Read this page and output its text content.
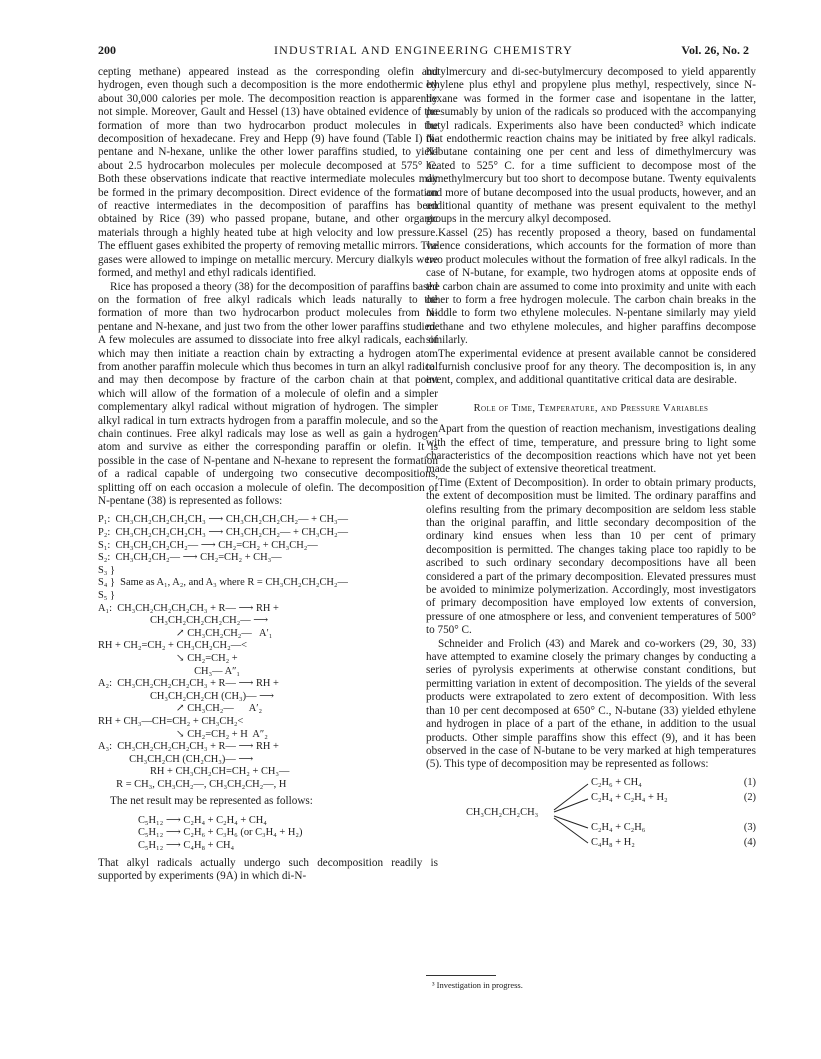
200	INDUSTRIAL AND ENGINEERING CHEMISTRY	Vol. 26, No. 2

cepting methane) appeared instead as the corresponding olefin and hydrogen, even though such a decomposition is the more endothermic by about 30,000 calories per mole. The decomposition reaction is apparently not simple. Moreover, Gault and Hessel (13) have obtained evidence of the formation of more than two hydrocarbon product molecules in the decomposition of hexadecane. Frey and Hepp (9) have found (Table I) N-pentane and N-hexane, unlike the other lower paraffins studied, to yield about 2.5 hydrocarbon molecules per molecule decomposed at 575° C. Both these observations indicate that reactive intermediate molecules may be formed in the primary decomposition. Direct evidence of the formation of reactive intermediates in the decomposition of paraffins has been obtained by Rice (39) who passed propane, butane, and other organic materials through a highly heated tube at high velocity and low pressure. The effluent gases exhibited the property of removing metallic mirrors. The gases were allowed to impinge on metallic mercury. Mercury dialkyls were formed, and methyl and ethyl radicals identified.

Rice has proposed a theory (38) for the decomposition of paraffins based on the formation of free alkyl radicals which leads naturally to the formation of more than two hydrocarbon product molecules from N-pentane and N-hexane, and just two from the other lower paraffins studied. A few molecules are assumed to dissociate into free alkyl radicals, each of which may then initiate a reaction chain by extracting a hydrogen atom from another paraffin molecule which thus becomes in turn an alkyl radical and may then decompose by fracture of the carbon chain at that point which will allow of the formation of a molecule of olefin and a simpler complementary alkyl radical without migration of hydrogen. The simpler alkyl radical in turn extracts hydrogen from a paraffin molecule, and so the chain continues. Free alkyl radicals may lose as well as gain a hydrogen atom and survive as either the corresponding paraffin or olefin. It is possible in the case of N-pentane and N-hexane to represent the formation of a radical capable of undergoing two consecutive decompositions, splitting off on each occasion a molecule of olefin. The decomposition of N-pentane (38) is represented as follows:

P₁:  CH₃CH₂CH₂CH₂CH₃ ⟶ CH₃CH₂CH₂CH₂— + CH₃—
P₂:  CH₃CH₂CH₂CH₂CH₃ ⟶ CH₃CH₂CH₂— + CH₃CH₂—
S₁:  CH₃CH₂CH₂CH₂— ⟶ CH₂=CH₂ + CH₃CH₂—
S₂:  CH₃CH₂CH₂— ⟶ CH₂=CH₂ + CH₃—
S₃ }
S₄ }  Same as A₁, A₂, and A₃ where R = CH₃CH₂CH₂CH₂—
S₅ }
A₁:  CH₃CH₂CH₂CH₂CH₃ + R— ⟶ RH +
CH₃CH₂CH₂CH₂CH₂— ⟶
↗ CH₃CH₂CH₂—   A′₁
RH + CH₂=CH₂ + CH₃CH₂CH₂—<
↘ CH₂=CH₂ +
CH₃— A″₁
A₂:  CH₃CH₂CH₂CH₂CH₃ + R— ⟶ RH +
CH₃CH₂CH₂CH (CH₃)— ⟶
↗ CH₃CH₂—      A′₂
RH + CH₃—CH=CH₂ + CH₃CH₂<
↘ CH₂=CH₂ + H  A″₂
A₃:  CH₃CH₂CH₂CH₂CH₃ + R— ⟶ RH +
CH₃CH₂CH (CH₂CH₃)— ⟶
RH + CH₃CH₂CH=CH₂ + CH₃—
R = CH₃, CH₃CH₂—, CH₃CH₂CH₂—, H

The net result may be represented as follows:

C₅H₁₂ ⟶ C₂H₄ + C₂H₄ + CH₄
C₅H₁₂ ⟶ C₂H₆ + C₃H₆ (or C₃H₄ + H₂)
C₅H₁₂ ⟶ C₄H₈ + CH₄

That alkyl radicals actually undergo such decomposition readily is supported by experiments (9A) in which di-N-

butylmercury and di-sec-butylmercury decomposed to yield apparently ethylene plus ethyl and propylene plus methyl, respectively, since N-hexane was formed in the former case and isopentane in the latter, presumably by union of the radicals so produced with the accompanying butyl radicals. Experiments also have been conducted³ which indicate that endothermic reaction chains may be initiated by free alkyl radicals. N-butane containing one per cent and less of dimethylmercury was heated to 525° C. for a time sufficient to decompose most of the dimethylmercury but too short to decompose butane. Twenty equivalents and more of butane decomposed into the usual products, however, and an additional quantity of methane was present equivalent to the methyl groups in the mercury alkyl decomposed.

Kassel (25) has recently proposed a theory, based on fundamental valence considerations, which accounts for the formation of more than two product molecules without the formation of free alkyl radicals. In the case of N-butane, for example, two hydrogen atoms at opposite ends of the carbon chain are assumed to come into proximity and unite with each other to form a free hydrogen molecule. The carbon chain breaks in the middle to form two ethylene molecules. N-pentane similarly may yield methane and two ethylene molecules, and higher paraffins decompose similarly.

The experimental evidence at present available cannot be considered to furnish conclusive proof for any theory. The decomposition is, in any event, complex, and additional quantitative critical data are desirable.

Role of Time, Temperature, and Pressure Variables

Apart from the question of reaction mechanism, investigations dealing with the effect of time, temperature, and pressure bring to light some characteristics of the decomposition reactions which have not yet been made the subject of extensive theoretical treatment.

Time (Extent of Decomposition). In order to obtain primary products, the extent of decomposition must be limited. The ordinary paraffins and olefins resulting from the primary decomposition are seldom less stable than the original paraffin, and little secondary decomposition of the ordinary kind ensues when less than 10 per cent of primary decomposition is permitted. The changes taking place too rapidly to be ascribed to such ordinary secondary decompositions have all been considered a part of the primary decomposition. Elevated pressures must be avoided to minimize polymerization. Accordingly, most investigators of primary decomposition have employed low extents of conversion, pressure of one atmosphere or less, and convenient temperatures of 500° to 750° C.

Schneider and Frolich (43) and Marek and co-workers (29, 30, 33) have attempted to examine closely the primary changes by conducting a series of pyrolysis experiments at otherwise constant conditions, but permitting variation in extent of decomposition. The yields of the several products were extrapolated to zero extent of decomposition. With less than 10 per cent decomposed at 650° C., N-butane (33) yielded ethylene and hydrogen in place of a part of the ethane, in addition to the usual products. Other simple paraffins show this effect (9), and it has been observed in the case of N-butane to be very marked at high temperatures (5). This type of decomposition may be represented as follows:

CH₃CH₂CH₂CH₃
C₂H₆ + CH₄	(1)
C₂H₄ + C₂H₄ + H₂	(2)
C₂H₄ + C₂H₆	(3)
C₄H₈ + H₂	(4)
³ Investigation in progress.
